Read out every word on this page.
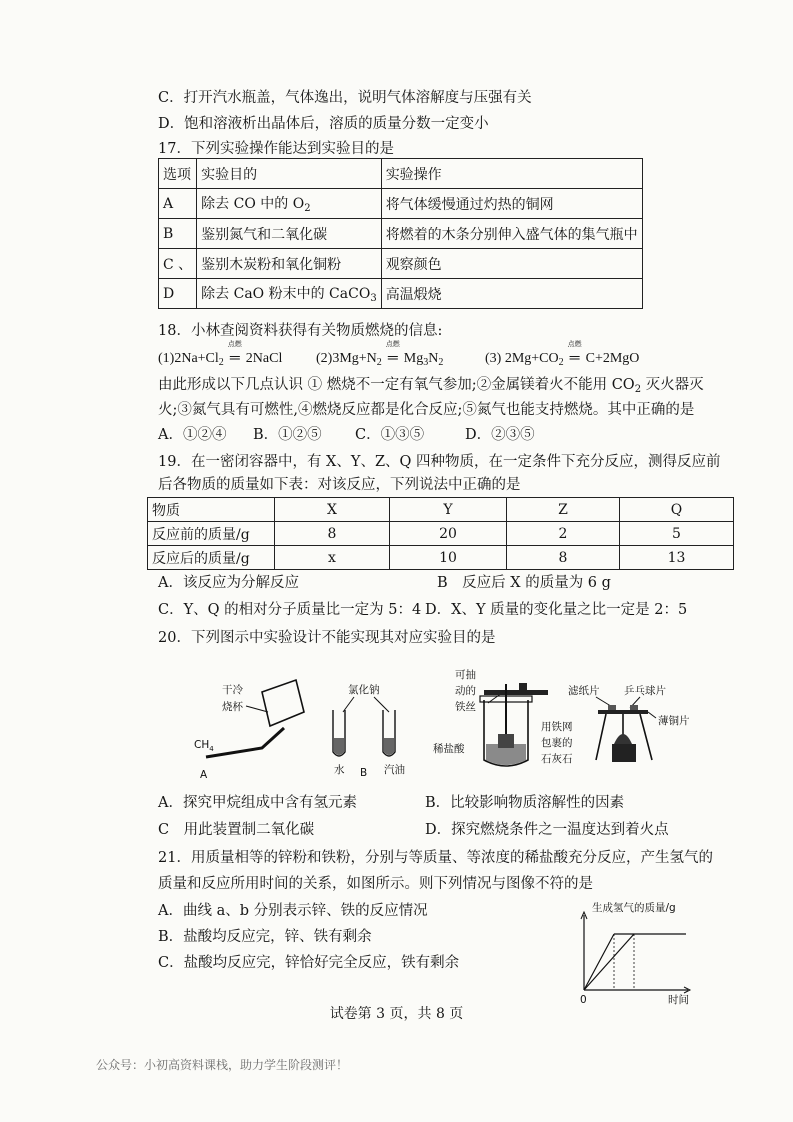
C．打开汽水瓶盖，气体逸出，说明气体溶解度与压强有关
D．饱和溶液析出晶体后，溶质的质量分数一定变小
17．下列实验操作能达到实验目的是
选项	实验目的	实验操作
A	除去 CO 中的 $O_2$	将气体缓慢通过灼热的铜网
B	鉴别氮气和二氧化碳	将燃着的木条分别伸入盛气体的集气瓶中
C 、	鉴别木炭粉和氧化铜粉	观察颜色
D	除去 CaO 粉末中的 CaCO$_3$	高温煅烧
18．小林查阅资料获得有关物质燃烧的信息:
$(1)2Na+Cl_2$
点燃
═ 2NaCl $(2)3Mg+N_2$
点燃
═ $Mg_3N_2$	(3) $2Mg+CO_2$
点燃
═ C+2MgO
由此形成以下几点认识 ① 燃烧不一定有氧气参加;②金属镁着火不能用 $CO_2$ 灭火器灭
火;③氮气具有可燃性,④燃烧反应都是化合反应;⑤氮气也能支持燃烧。其中正确的是
A．①②④ B．①②⑤ C．①③⑤	D．②③⑤
19．在一密闭容器中，有 X、Y、Z、Q 四种物质，在一定条件下充分反应，测得反应前
后各物质的质量如下表：对该反应，下列说法中正确的是
物质	X	Y	Z	Q
反应前的质量/g	8	20	2	5
反应后的质量/g	x	10	8	13
A．该反应为分解反应	B　反应后 X 的质量为 6 g
C．Y、Q 的相对分子质量比一定为 5：4 D．X、Y 质量的变化量之比一定是 2：5
20．下列图示中实验设计不能实现其对应实验目的是
干冷
烧杯
$CH_4$
A
氯化钠
水 B 汽油
可抽
动的
铁丝
用铁网
包裹的
石灰石
稀盐酸
滤纸片 乒乓球片
薄铜片
生成氢气的质量/g
0	时间
A．探究甲烷组成中含有氢元素	B．比较影响物质溶解性的因素
C　用此装置制二氧化碳	D．探究燃烧条件之一温度达到着火点
21．用质量相等的锌粉和铁粉，分别与等质量、等浓度的稀盐酸充分反应，产生氢气的
质量和反应所用时间的关系，如图所示。则下列情况与图像不符的是
A．曲线 a、b 分别表示锌、铁的反应情况
B．盐酸均反应完，锌、铁有剩余
C．盐酸均反应完，锌恰好完全反应，铁有剩余
试卷第 3 页，共 8 页
公众号：小初高资料课栈，助力学生阶段测评！
